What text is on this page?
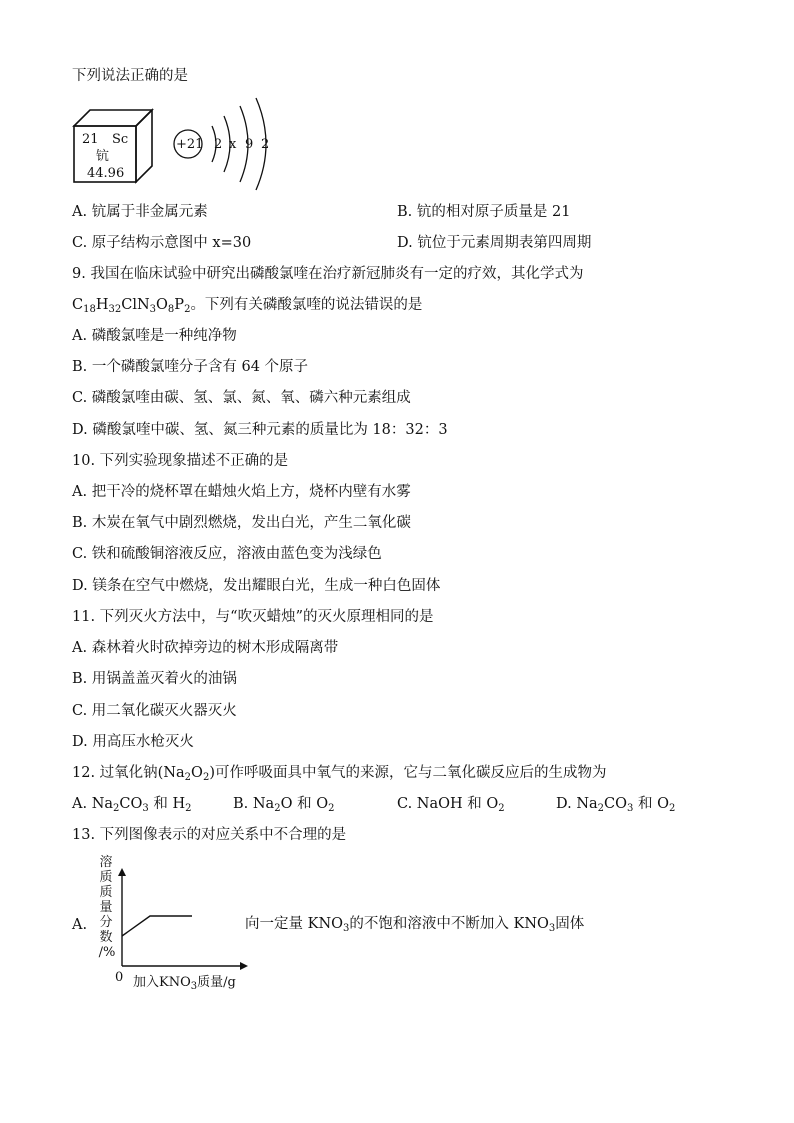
下列说法正确的是
21 Sc
钪
44.96
+21 2 x 9 2
A. 钪属于非金属元素	B. 钪的相对原子质量是 21
C. 原子结构示意图中 x=30	D. 钪位于元素周期表第四周期
9. 我国在临床试验中研究出磷酸氯喹在治疗新冠肺炎有一定的疗效，其化学式为
$C_{18}H_{32}ClN_3O_8P_2$。下列有关磷酸氯喹的说法错误的是
A. 磷酸氯喹是一种纯净物
B. 一个磷酸氯喹分子含有 64 个原子
C. 磷酸氯喹由碳、氢、氯、氮、氧、磷六种元素组成
D. 磷酸氯喹中碳、氢、氮三种元素的质量比为 18：32：3
10. 下列实验现象描述不正确的是
A. 把干冷的烧杯罩在蜡烛火焰上方，烧杯内壁有水雾
B. 木炭在氧气中剧烈燃烧，发出白光，产生二氧化碳
C. 铁和硫酸铜溶液反应，溶液由蓝色变为浅绿色
D. 镁条在空气中燃烧，发出耀眼白光，生成一种白色固体
11. 下列灭火方法中，与“吹灭蜡烛”的灭火原理相同的是
A. 森林着火时砍掉旁边的树木形成隔离带
B. 用锅盖盖灭着火的油锅
C. 用二氧化碳灭火器灭火
D. 用高压水枪灭火
12. 过氧化钠$(Na_2O_2)$可作呼吸面具中氧气的来源，它与二氧化碳反应后的生成物为
A. $Na_2CO_3$ 和 $H_2$	B. $Na_2O$ 和 $O_2$	C. NaOH 和 $O_2$	D. $Na_2CO_3$ 和 $O_2$
13. 下列图像表示的对应关系中不合理的是
A.
溶
质
质
量
分
数
/%
0 加入$KNO_3$质量/g
向一定量 $KNO_3$的不饱和溶液中不断加入 $KNO_3$固体
